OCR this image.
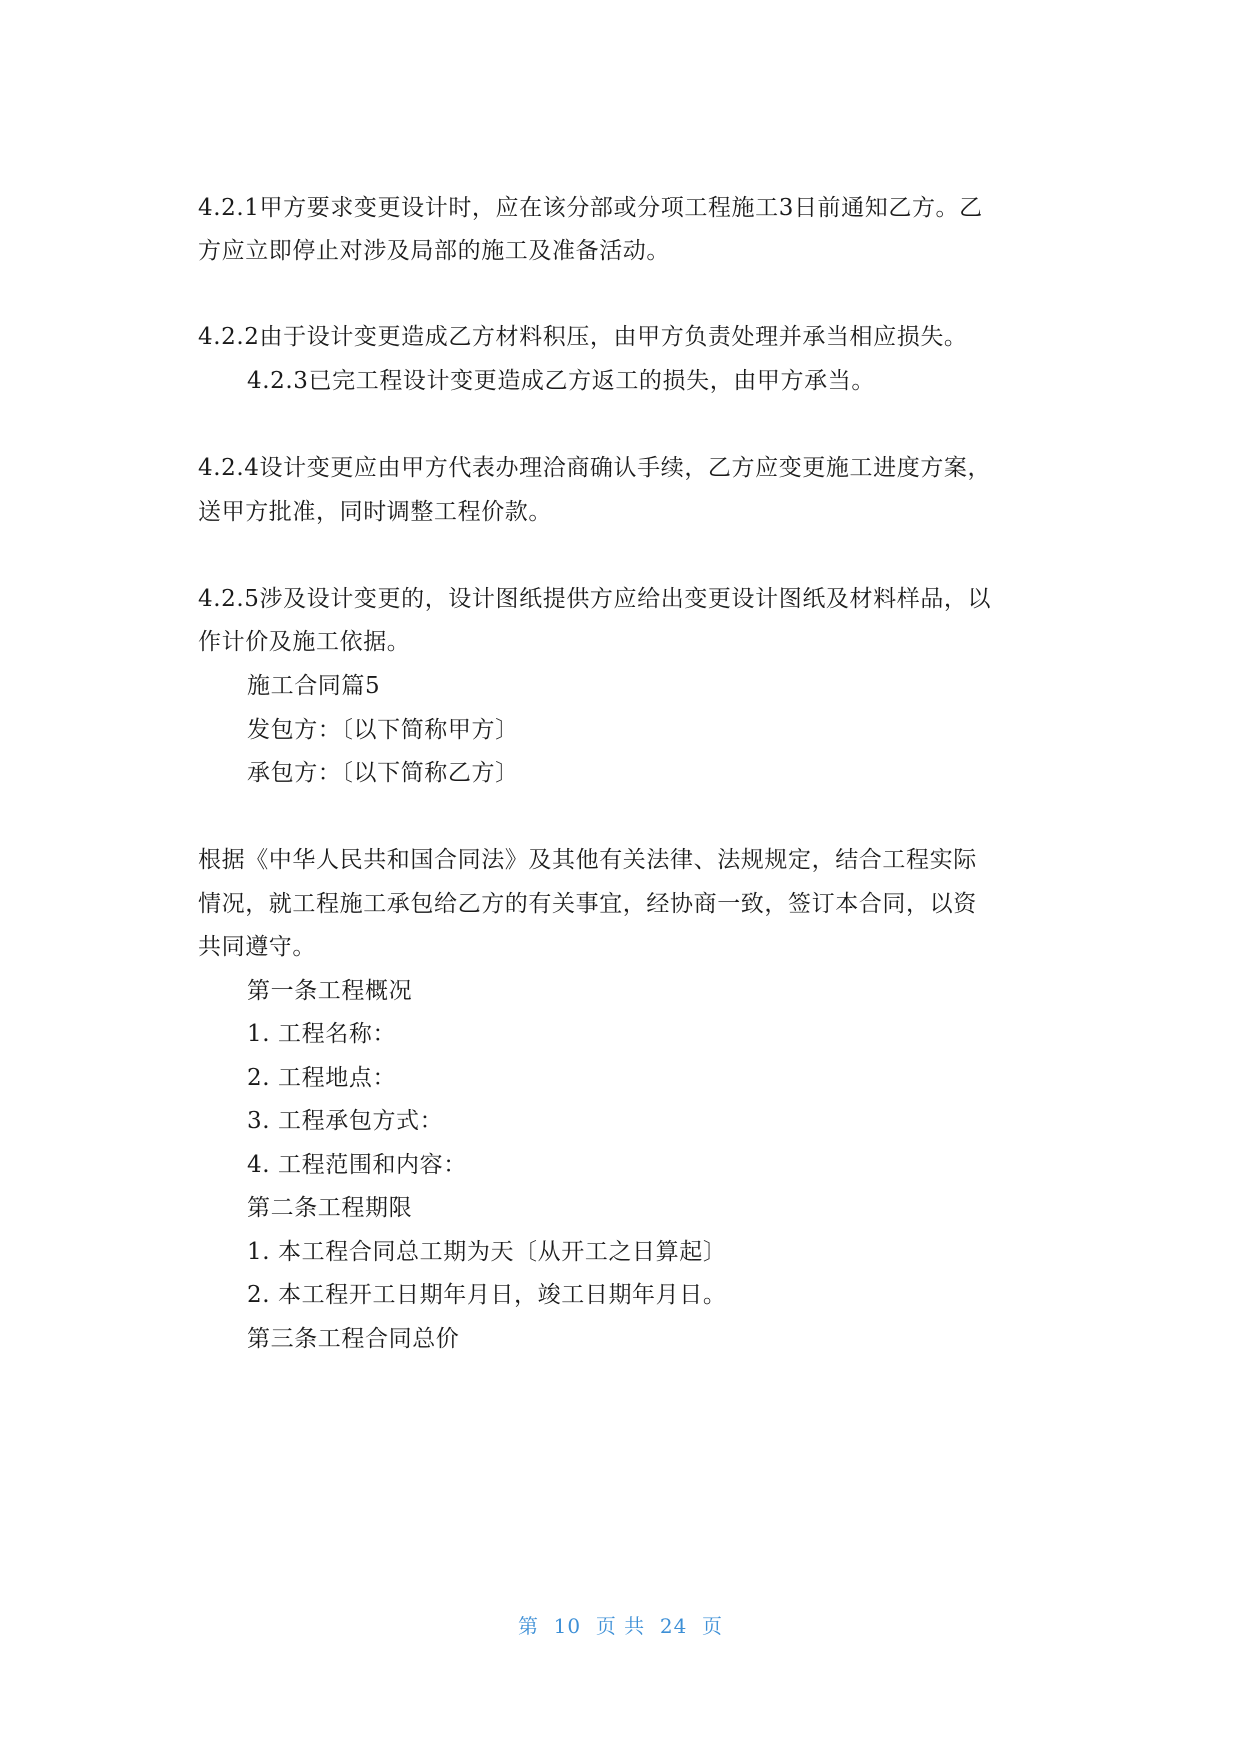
4.2.1甲方要求变更设计时，应在该分部或分项工程施工3日前通知乙方。乙
方应立即停止对涉及局部的施工及准备活动。
4.2.2由于设计变更造成乙方材料积压，由甲方负责处理并承当相应损失。
4.2.3已完工程设计变更造成乙方返工的损失，由甲方承当。
4.2.4设计变更应由甲方代表办理洽商确认手续，乙方应变更施工进度方案，
送甲方批准，同时调整工程价款。
4.2.5涉及设计变更的，设计图纸提供方应给出变更设计图纸及材料样品，以
作计价及施工依据。
施工合同篇5
发包方：〔以下简称甲方〕
承包方：〔以下简称乙方〕
根据《中华人民共和国合同法》及其他有关法律、法规规定，结合工程实际
情况，就工程施工承包给乙方的有关事宜，经协商一致，签订本合同，以资
共同遵守。
第一条工程概况
1. 工程名称：
2. 工程地点：
3. 工程承包方式：
4. 工程范围和内容：
第二条工程期限
1. 本工程合同总工期为天〔从开工之日算起〕
2. 本工程开工日期年月日，竣工日期年月日。
第三条工程合同总价
第  10  页 共  24  页
